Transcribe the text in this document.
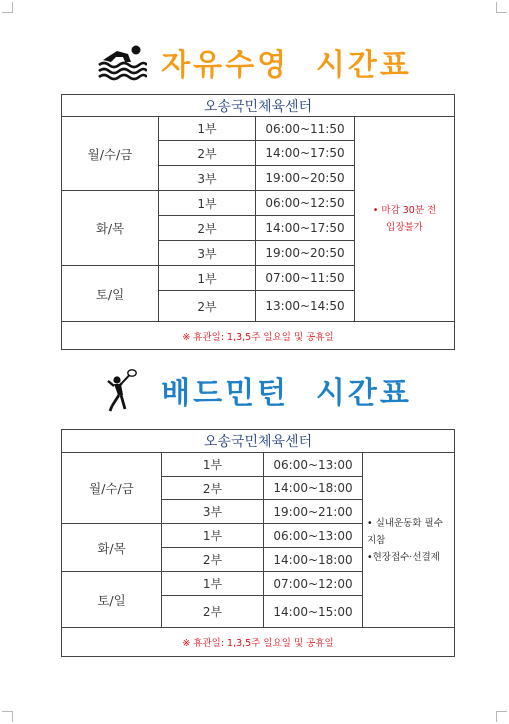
자유수영  시간표
오송국민체육센터			
월/수/금	1부	06:00~11:50	• 마감 30분 전
입장불가

	2부	14:00~17:50	
	3부	19:00~20:50	
화/목	1부	06:00~12:50	
	2부	14:00~17:50	
	3부	19:00~20:50	
토/일	1부	07:00~11:50	
	2부	13:00~14:50	
※ 휴관일: 1,3,5주 일요일 및 공휴일			
배드민턴  시간표
오송국민체육센터			
월/수/금	1부	06:00~13:00	• 실내운동화 필수
지참
•현장접수·선결제

	2부	14:00~18:00	
	3부	19:00~21:00	
화/목	1부	06:00~13:00	
	2부	14:00~18:00	
토/일	1부	07:00~12:00	
	2부	14:00~15:00	
※ 휴관일: 1,3,5주 일요일 및 공휴일			
